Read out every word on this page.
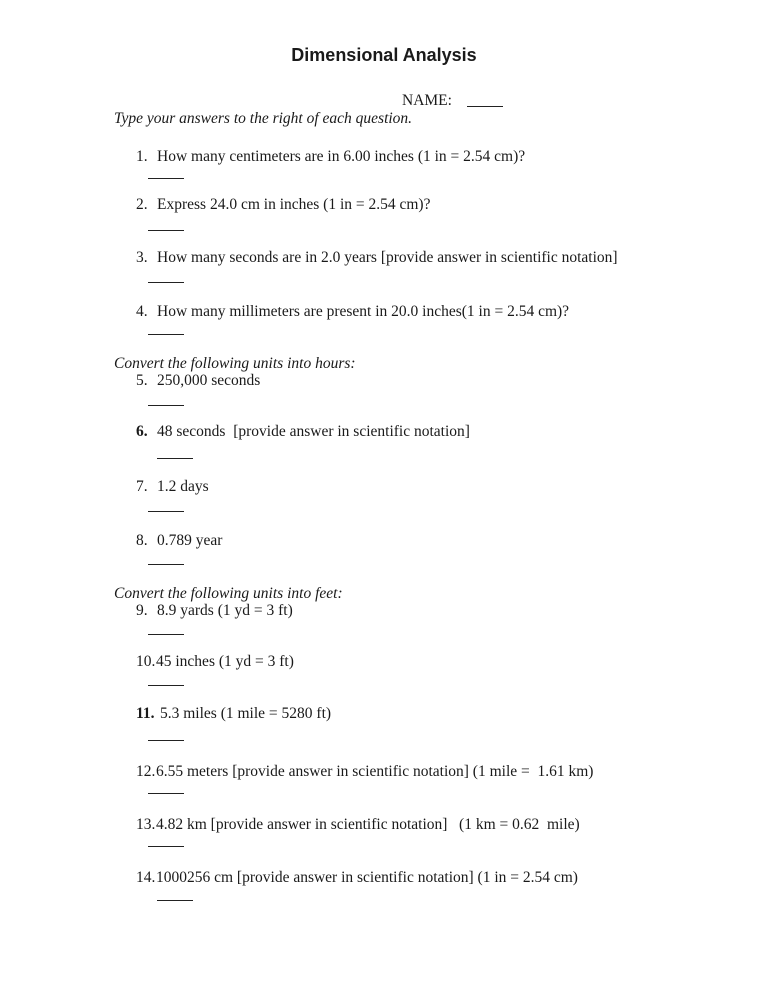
Dimensional Analysis
NAME:
Type your answers to the right of each question.
Convert the following units into hours:
Convert the following units into feet:
1. How many centimeters are in 6.00 inches (1 in = 2.54 cm)?
2. Express 24.0 cm in inches (1 in = 2.54 cm)?
3. How many seconds are in 2.0 years [provide answer in scientific notation]
4. How many millimeters are present in 20.0 inches(1 in = 2.54 cm)?
5. 250,000 seconds
6. 48 seconds  [provide answer in scientific notation]
7. 1.2 days
8. 0.789 year
9. 8.9 yards (1 yd = 3 ft)
10.45 inches (1 yd = 3 ft)
11. 5.3 miles (1 mile = 5280 ft)
12.6.55 meters [provide answer in scientific notation] (1 mile =  1.61 km)
13.4.82 km [provide answer in scientific notation]   (1 km = 0.62  mile)
14.1000256 cm [provide answer in scientific notation] (1 in = 2.54 cm)
